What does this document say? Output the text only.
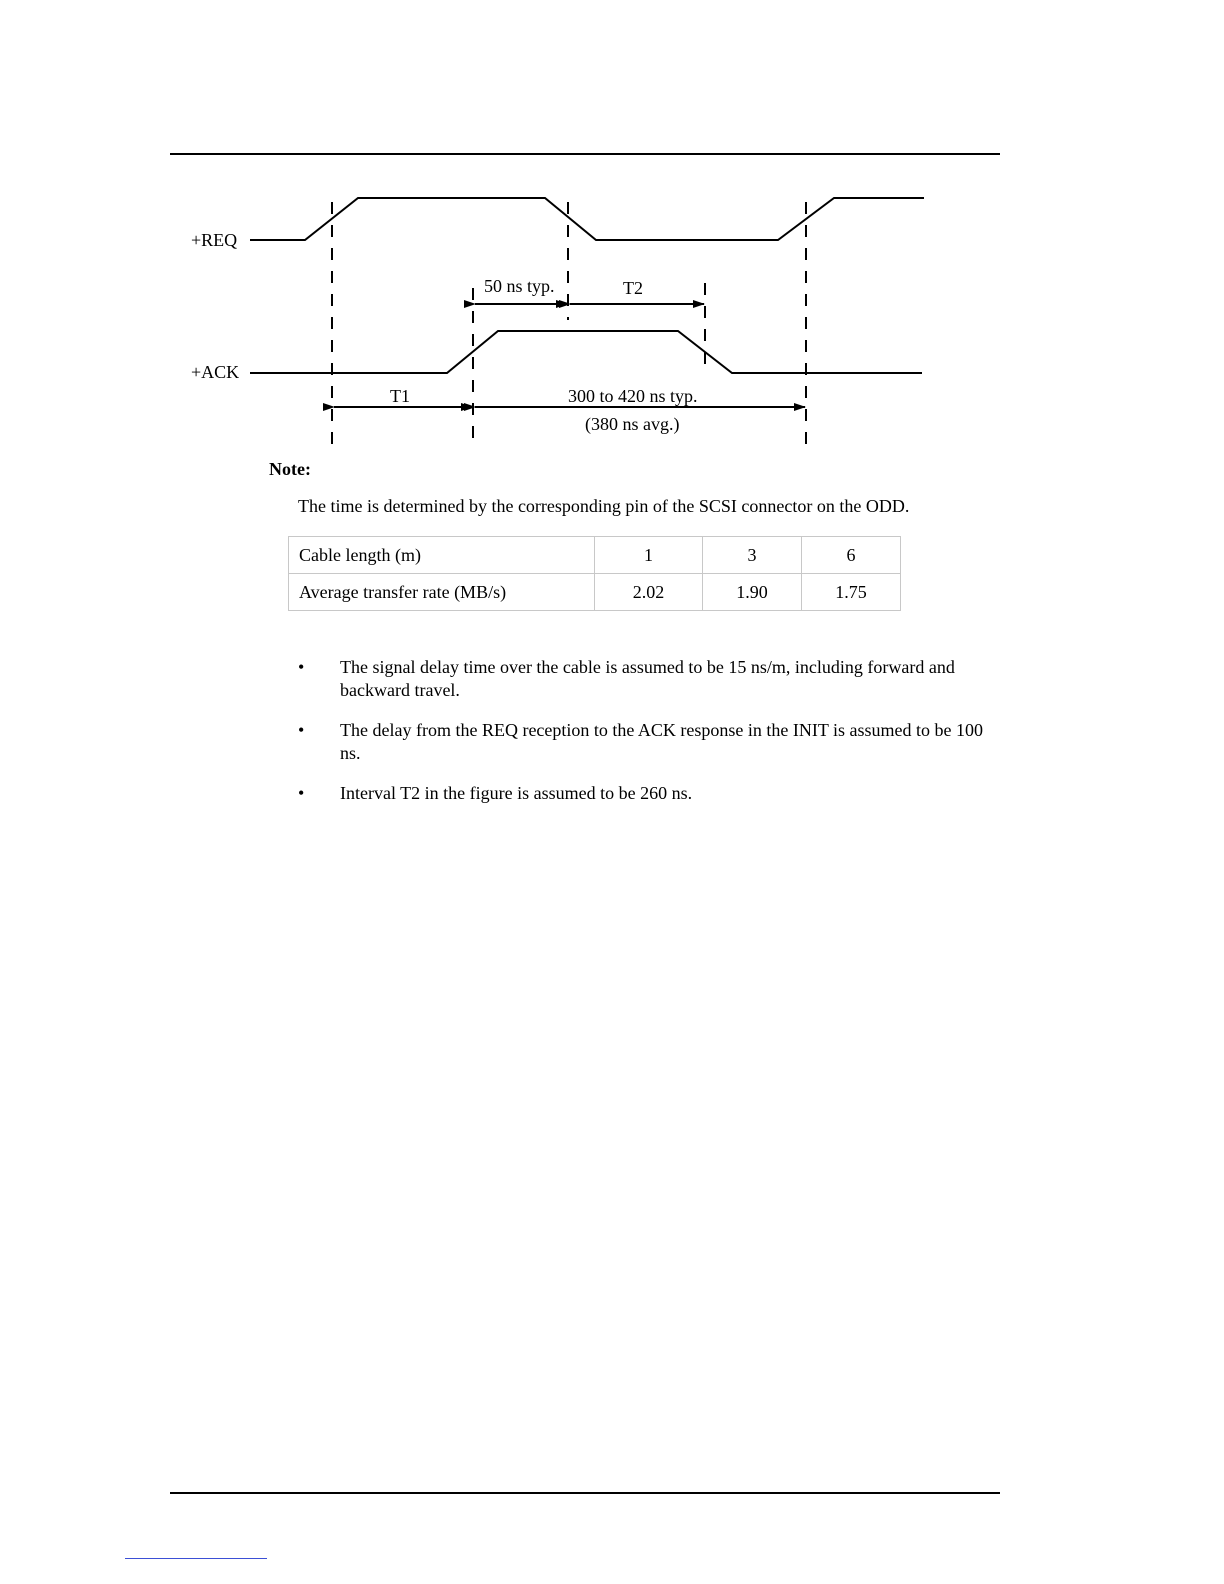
+REQ
+ACK
50 ns typ.	T2
T1	300 to 420 ns typ.
(380 ns avg.)
Note:
The time is determined by the corresponding pin of the SCSI connector on the ODD.
Cable length (m)	1	3	6
Average transfer rate (MB/s)	2.02	1.90	1.75
• The signal delay time over the cable is assumed to be 15 ns/m, including forward and backward travel.
• The delay from the REQ reception to the ACK response in the INIT is assumed to be 100 ns.
• Interval T2 in the figure is assumed to be 260 ns.
